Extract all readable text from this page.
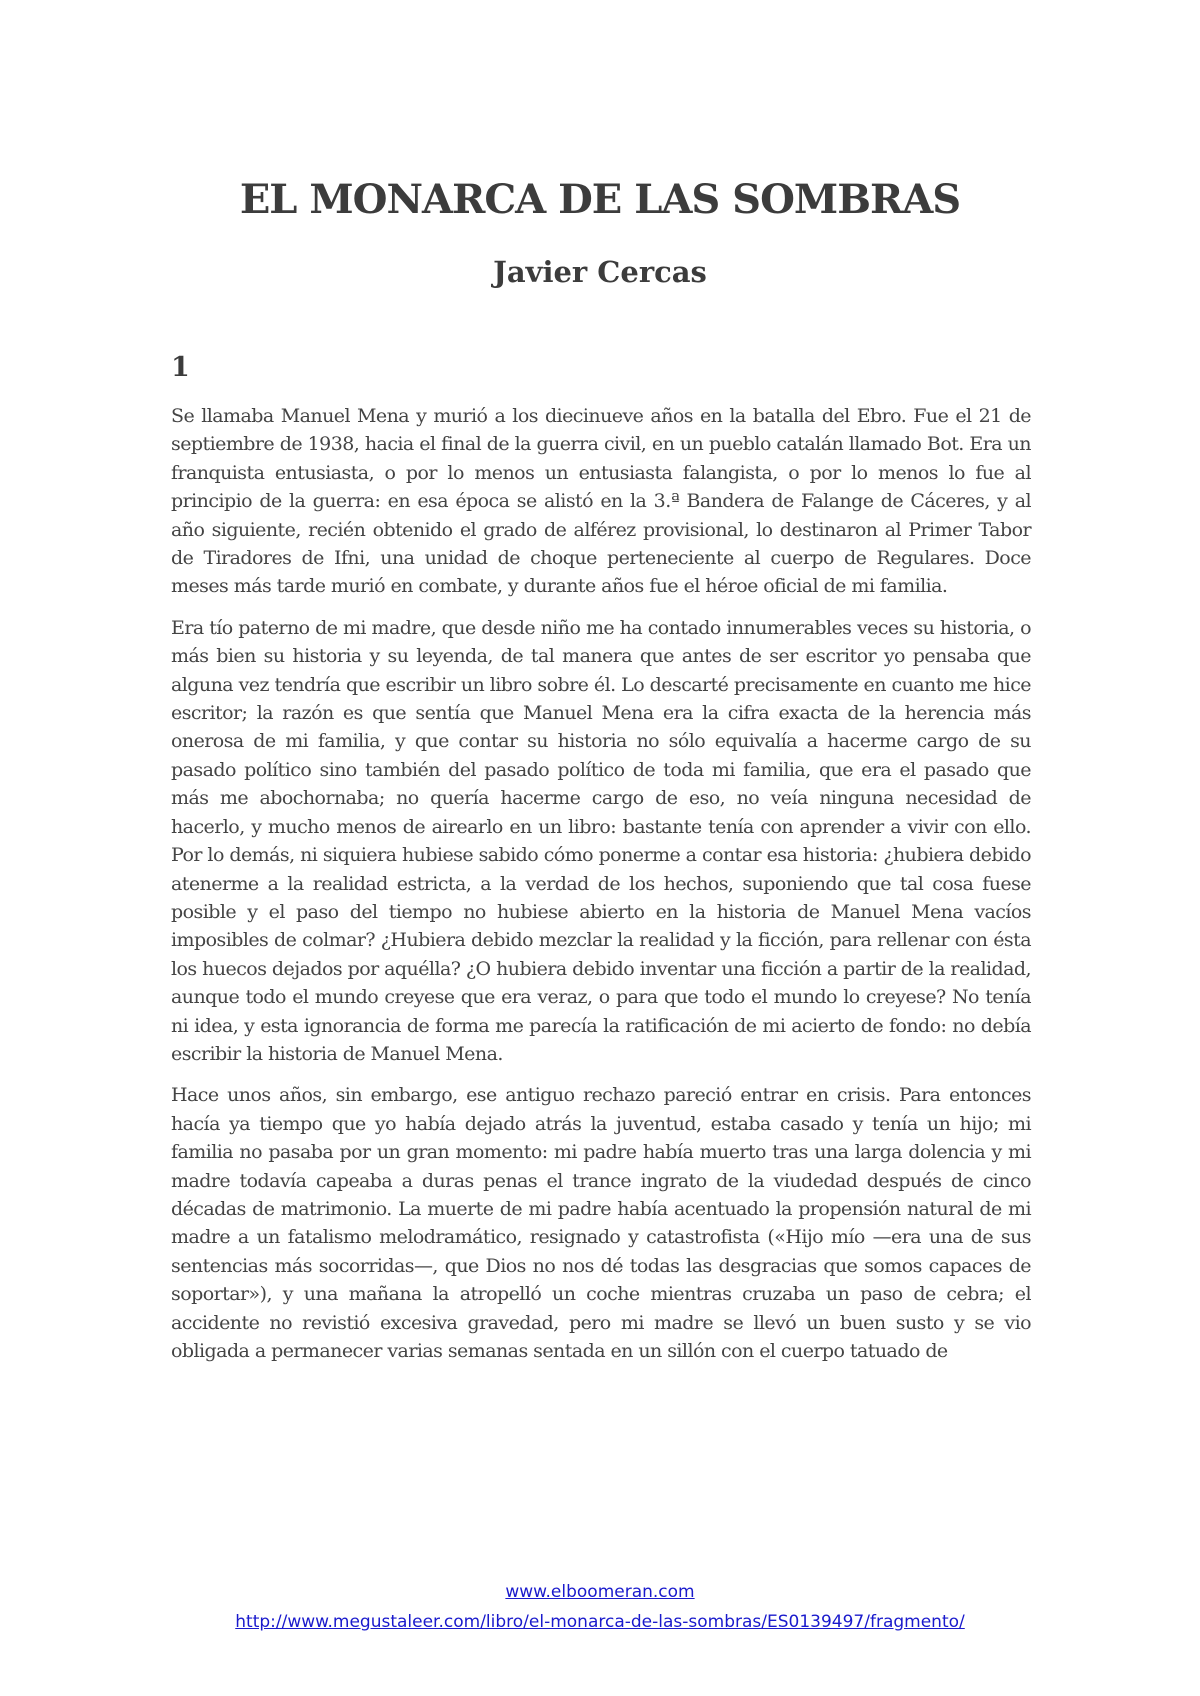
EL MONARCA DE LAS SOMBRAS
Javier Cercas
1

Se llamaba Manuel Mena y murió a los diecinueve años en la batalla del Ebro. Fue el 21 de septiembre de 1938, hacia el final de la guerra civil, en un pueblo catalán llamado Bot. Era un franquista entusiasta, o por lo menos un entusiasta falangista, o por lo menos lo fue al principio de la guerra: en esa época se alistó en la 3.ª Bandera de Falange de Cáceres, y al año siguiente, recién obtenido el grado de alférez provisional, lo destinaron al Primer Tabor de Tiradores de Ifni, una unidad de choque perteneciente al cuerpo de Regulares. Doce meses más tarde murió en combate, y durante años fue el héroe oficial de mi familia.

Era tío paterno de mi madre, que desde niño me ha contado innumerables veces su historia, o más bien su historia y su leyenda, de tal manera que antes de ser escritor yo pensaba que alguna vez tendría que escribir un libro sobre él. Lo descarté precisamente en cuanto me hice escritor; la razón es que sentía que Manuel Mena era la cifra exacta de la herencia más onerosa de mi familia, y que contar su historia no sólo equivalía a hacerme cargo de su pasado político sino también del pasado político de toda mi familia, que era el pasado que más me abochornaba; no quería hacerme cargo de eso, no veía ninguna necesidad de hacerlo, y mucho menos de airearlo en un libro: bastante tenía con aprender a vivir con ello. Por lo demás, ni siquiera hubiese sabido cómo ponerme a contar esa historia: ¿hubiera debido atenerme a la realidad estricta, a la verdad de los hechos, suponiendo que tal cosa fuese posible y el paso del tiempo no hubiese abierto en la historia de Manuel Mena vacíos imposibles de colmar? ¿Hubiera debido mezclar la realidad y la ficción, para rellenar con ésta los huecos dejados por aquélla? ¿O hubiera debido inventar una ficción a partir de la realidad, aunque todo el mundo creyese que era veraz, o para que todo el mundo lo creyese? No tenía ni idea, y esta ignorancia de forma me parecía la ratificación de mi acierto de fondo: no debía escribir la historia de Manuel Mena.

Hace unos años, sin embargo, ese antiguo rechazo pareció entrar en crisis. Para entonces hacía ya tiempo que yo había dejado atrás la juventud, estaba casado y tenía un hijo; mi familia no pasaba por un gran momento: mi padre había muerto tras una larga dolencia y mi madre todavía capeaba a duras penas el trance ingrato de la viudedad después de cinco décadas de matrimonio. La muerte de mi padre había acentuado la propensión natural de mi madre a un fatalismo melodramático, resignado y catastrofista («Hijo mío —era una de sus sentencias más socorridas—, que Dios no nos dé todas las desgracias que somos capaces de soportar»), y una mañana la atropelló un coche mientras cruzaba un paso de cebra; el accidente no revistió excesiva gravedad, pero mi madre se llevó un buen susto y se vio obligada a permanecer varias semanas sentada en un sillón con el cuerpo tatuado de

www.elboomeran.com
http://www.megustaleer.com/libro/el-monarca-de-las-sombras/ES0139497/fragmento/
